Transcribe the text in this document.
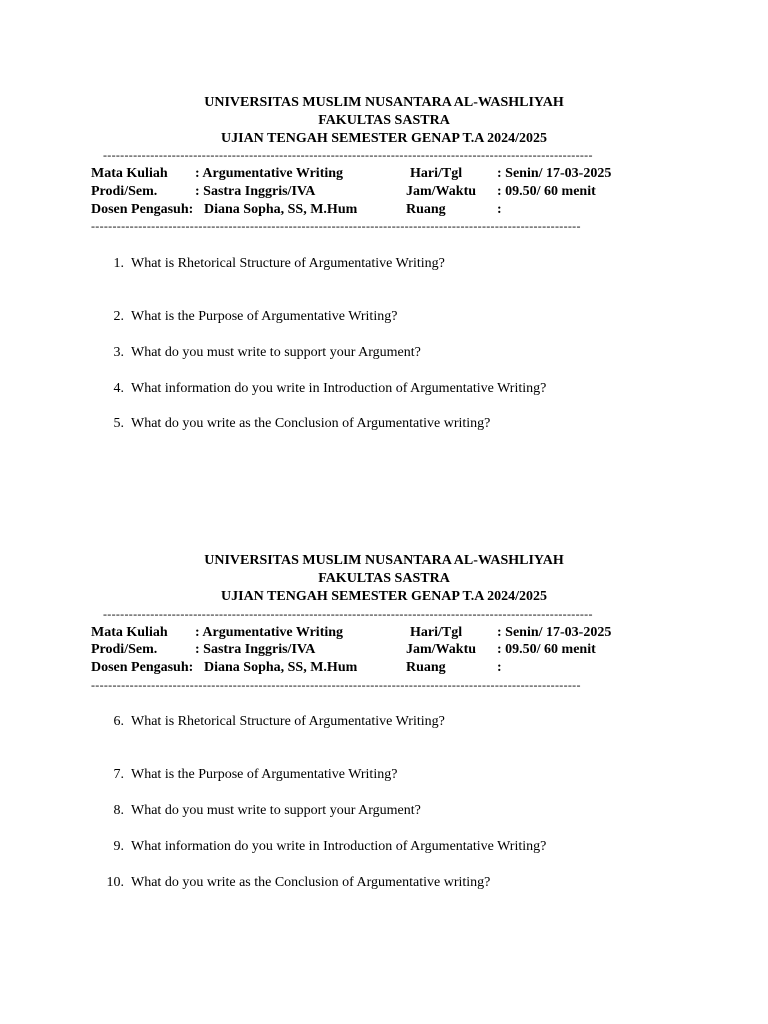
UNIVERSITAS MUSLIM NUSANTARA AL-WASHLIYAH
FAKULTAS SASTRA
UJIAN TENGAH SEMESTER GENAP T.A 2024/2025
------------------------------------------------------------------------------------------------------------------
Mata Kuliah : Argumentative Writing	Hari/Tgl : Senin/ 17-03-2025
Prodi/Sem.	: Sastra Inggris/IVA	Jam/Waktu : 09.50/ 60 menit
Dosen Pengasuh: Diana Sopha, SS, M.Hum	Ruang	:
------------------------------------------------------------------------------------------------------------------
1. What is Rhetorical Structure of Argumentative Writing?
2. What is the Purpose of Argumentative Writing?
3. What do you must write to support your Argument?
4. What information do you write in Introduction of Argumentative Writing?
5. What do you write as the Conclusion of Argumentative writing?
UNIVERSITAS MUSLIM NUSANTARA AL-WASHLIYAH
FAKULTAS SASTRA
UJIAN TENGAH SEMESTER GENAP T.A 2024/2025
------------------------------------------------------------------------------------------------------------------
Mata Kuliah : Argumentative Writing	Hari/Tgl : Senin/ 17-03-2025
Prodi/Sem.	: Sastra Inggris/IVA	Jam/Waktu : 09.50/ 60 menit
Dosen Pengasuh: Diana Sopha, SS, M.Hum	Ruang	:
------------------------------------------------------------------------------------------------------------------
6. What is Rhetorical Structure of Argumentative Writing?
7. What is the Purpose of Argumentative Writing?
8. What do you must write to support your Argument?
9. What information do you write in Introduction of Argumentative Writing?
10. What do you write as the Conclusion of Argumentative writing?
